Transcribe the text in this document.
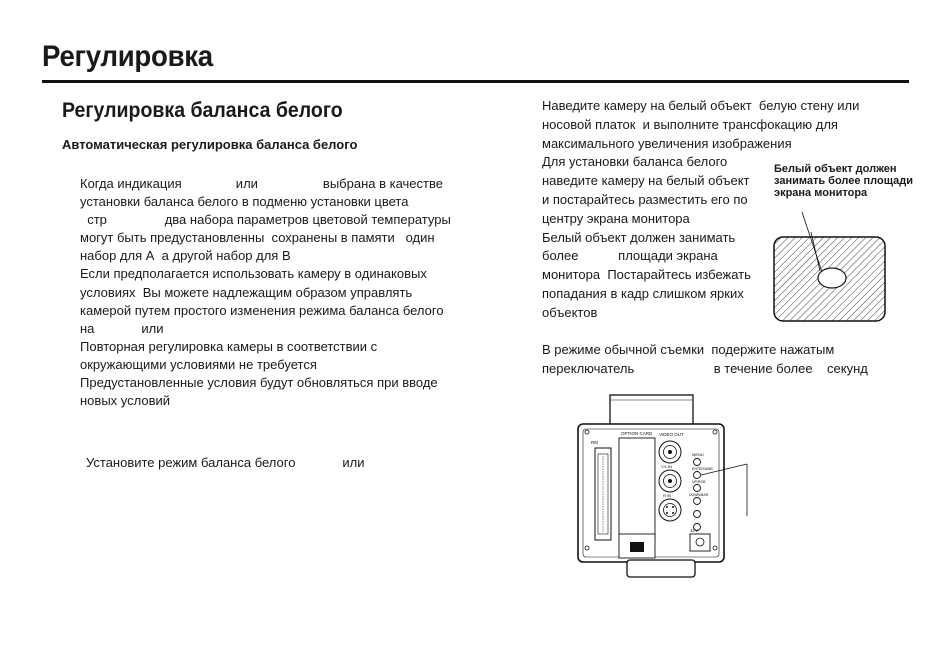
Регулировка
Регулировка баланса белого
Автоматическая регулировка баланса белого
Когда индикация               или                  выбрана в качестве
установки баланса белого в подменю установки цвета
стр                два набора параметров цветовой температуры
могут быть предустановленны  сохранены в памяти   один
набор для А  а другой набор для В
Если предполагается использовать камеру в одинаковых
условиях  Вы можете надлежащим образом управлять
камерой путем простого изменения режима баланса белого
на             или
Повторная регулировка камеры в соответствии с
окружающими условиями не требуется
Предустановленные условия будут обновляться при вводе
новых условий
Установите режим баланса белого             или
Наведите камеру на белый объект  белую стену или
носовой платок  и выполните трансфокацию для
максимального увеличения изображения
Для установки баланса белого
наведите камеру на белый объект
и постарайтесь разместить его по
центру экрана монитора
Белый объект должен занимать
более           площади экрана
монитора  Постарайтесь избежать
попадания в кадр слишком ярких
объектов
Белый объект должен занимать более площади экрана монитора
В режиме обычной съемки  подержите нажатым
переключатель                      в течение более    секунд
RM
OPTION CARD VIDEO OUT
Y/L IN
R IN
MENU
ENTER/AWB
UP/RGB
DOWN/BAR
12V
